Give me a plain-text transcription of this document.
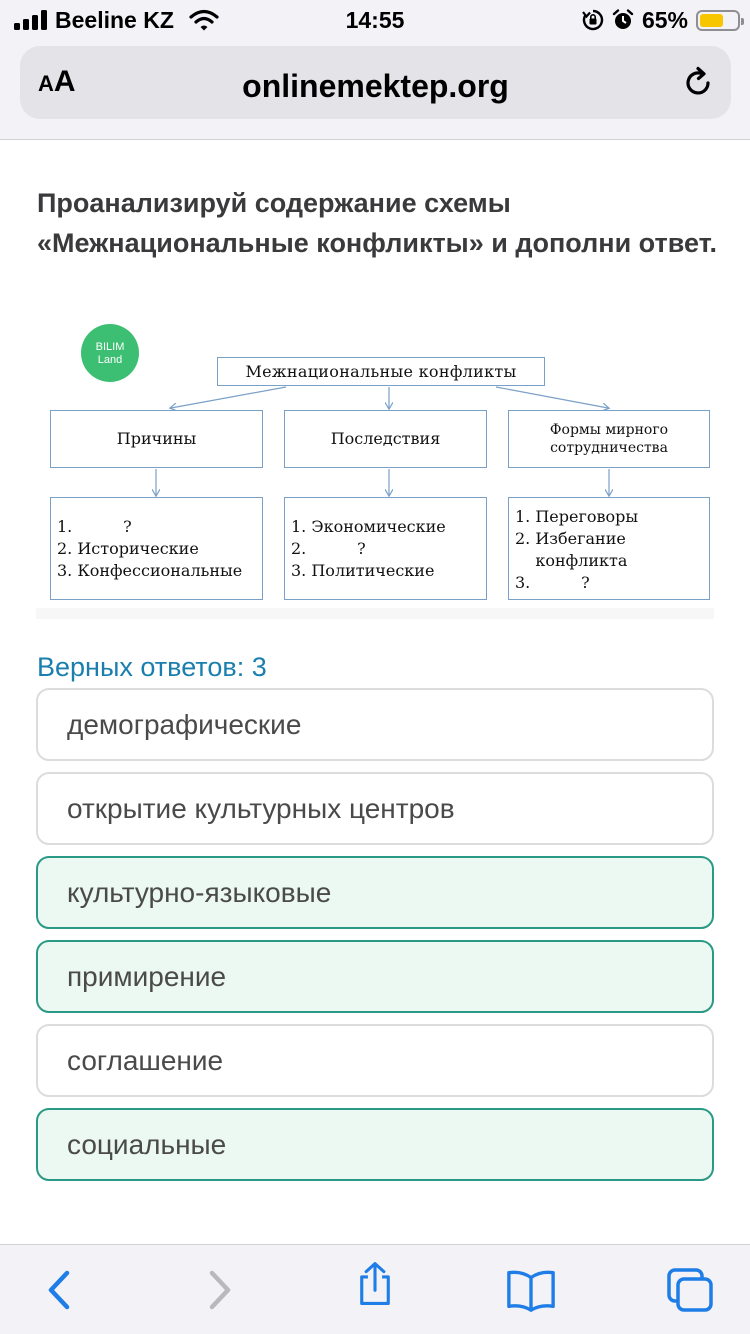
Beeline KZ	14:55	65%
AA	onlinemektep.org
Проанализируй содержание схемы «Межнациональные конфликты» и дополни ответ.
BILIM
Land
Межнациональные конфликты
Причины	Последствия	Формы мирного
сотрудничества
1.          ?
2. Исторические
3. Конфессиональные
1. Экономические
2.          ?
3. Политические
1. Переговоры
2. Избегание
конфликта
3.          ?
Верных ответов: 3
демографические
открытие культурных центров
культурно-языковые
примирение
соглашение
социальные
